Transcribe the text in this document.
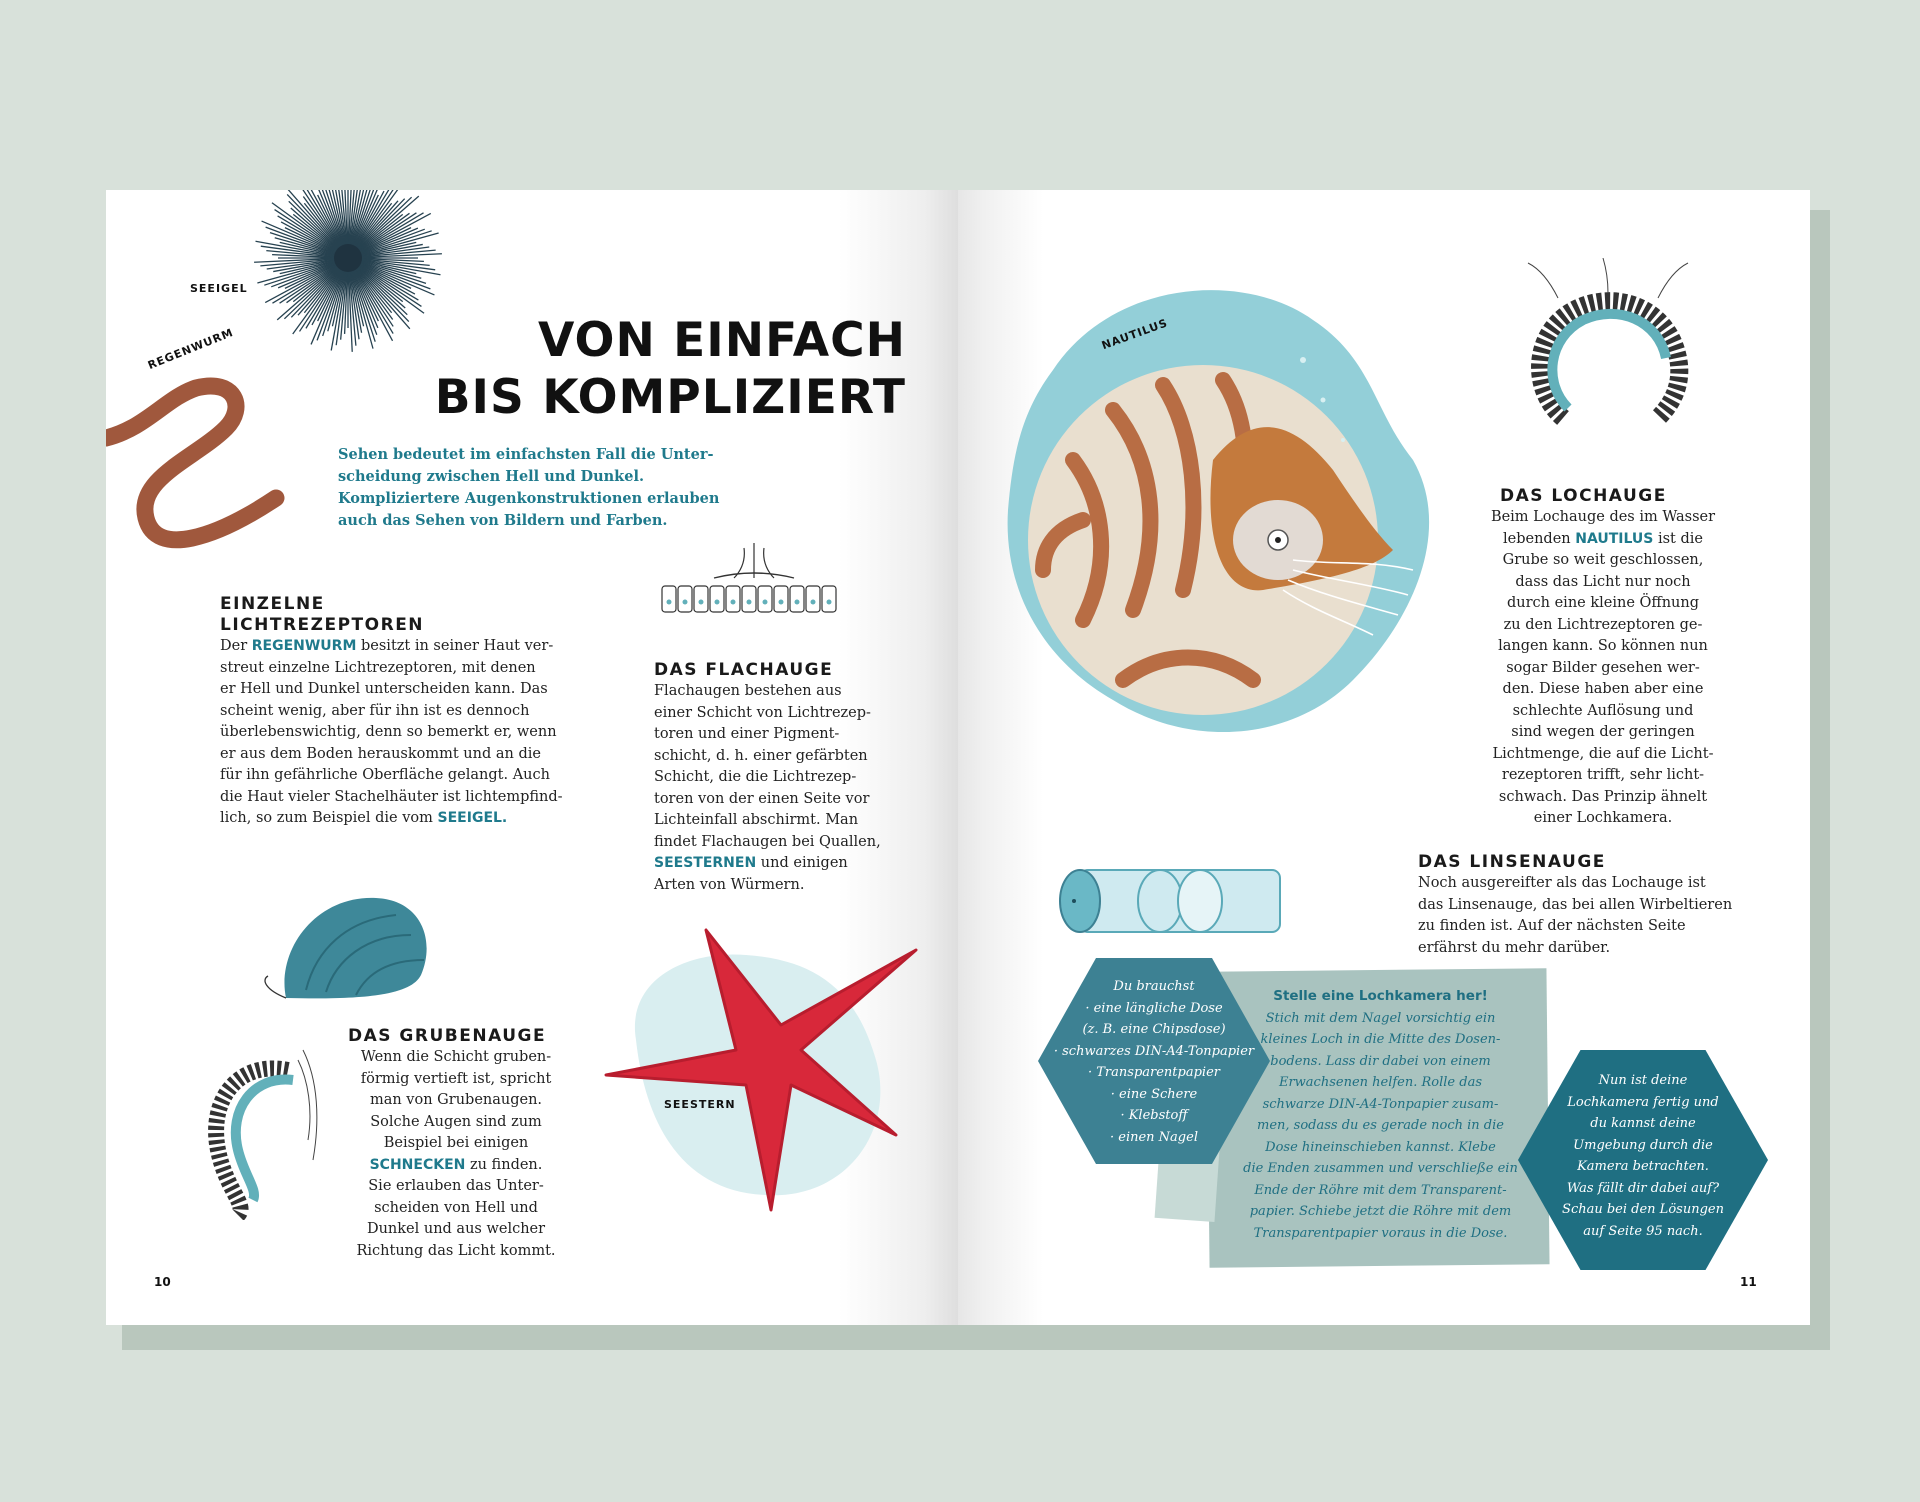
SEEIGEL
REGENWURM	VON EINFACH

BIS KOMPLIZIERT

Sehen bedeutet im einfachsten Fall die Unter-

scheidung zwischen Hell und Dunkel.

Kompliziertere Augenkonstruktionen erlauben

auch das Sehen von Bildern und Farben.

EINZELNE

LICHTREZEPTOREN

Der REGENWURM besitzt in seiner Haut ver-

streut einzelne Lichtrezeptoren, mit denen

er Hell und Dunkel unterscheiden kann. Das

scheint wenig, aber für ihn ist es dennoch

überlebenswichtig, denn so bemerkt er, wenn

er aus dem Boden herauskommt und an die

für ihn gefährliche Oberfläche gelangt. Auch

die Haut vieler Stachelhäuter ist lichtempfind-

lich, so zum Beispiel die vom SEEIGEL.

DAS FLACHAUGE

Flachaugen bestehen aus

einer Schicht von Lichtrezep-

toren und einer Pigment-

schicht, d. h. einer gefärbten

Schicht, die die Lichtrezep-

toren von der einen Seite vor

Lichteinfall abschirmt. Man

findet Flachaugen bei Quallen,

SEESTERNEN und einigen

Arten von Würmern.

DAS GRUBENAUGE

Wenn die Schicht gruben-

förmig vertieft ist, spricht

man von Grubenaugen.

Solche Augen sind zum

Beispiel bei einigen

SCHNECKEN zu finden.

Sie erlauben das Unter-

scheiden von Hell und

Dunkel und aus welcher

Richtung das Licht kommt.

SEESTERN
10
NAUTILUS

DAS LOCHAUGE

Beim Lochauge des im Wasser

lebenden NAUTILUS ist die

Grube so weit geschlossen,

dass das Licht nur noch

durch eine kleine Öffnung

zu den Lichtrezeptoren ge-

langen kann. So können nun

sogar Bilder gesehen wer-

den. Diese haben aber eine

schlechte Auflösung und

sind wegen der geringen

Lichtmenge, die auf die Licht-

rezeptoren trifft, sehr licht-

schwach. Das Prinzip ähnelt

einer Lochkamera.

DAS LINSENAUGE

Noch ausgereifter als das Lochauge ist

das Linsenauge, das bei allen Wirbeltieren

zu finden ist. Auf der nächsten Seite

erfährst du mehr darüber.

Stelle eine Lochkamera her!

Stich mit dem Nagel vorsichtig ein

kleines Loch in die Mitte des Dosen-

bodens. Lass dir dabei von einem

Erwachsenen helfen. Rolle das

schwarze DIN-A4-Tonpapier zusam-

men, sodass du es gerade noch in die

Dose hineinschieben kannst. Klebe

die Enden zusammen und verschließe ein

Ende der Röhre mit dem Transparent-

papier. Schiebe jetzt die Röhre mit dem

Transparentpapier voraus in die Dose.

Du brauchst

· eine längliche Dose

(z. B. eine Chipsdose)

· schwarzes DIN-A4-Tonpapier

· Transparentpapier

· eine Schere

· Klebstoff

· einen Nagel

Nun ist deine

Lochkamera fertig und

du kannst deine

Umgebung durch die

Kamera betrachten.

Was fällt dir dabei auf?

Schau bei den Lösungen

auf Seite 95 nach.

11
